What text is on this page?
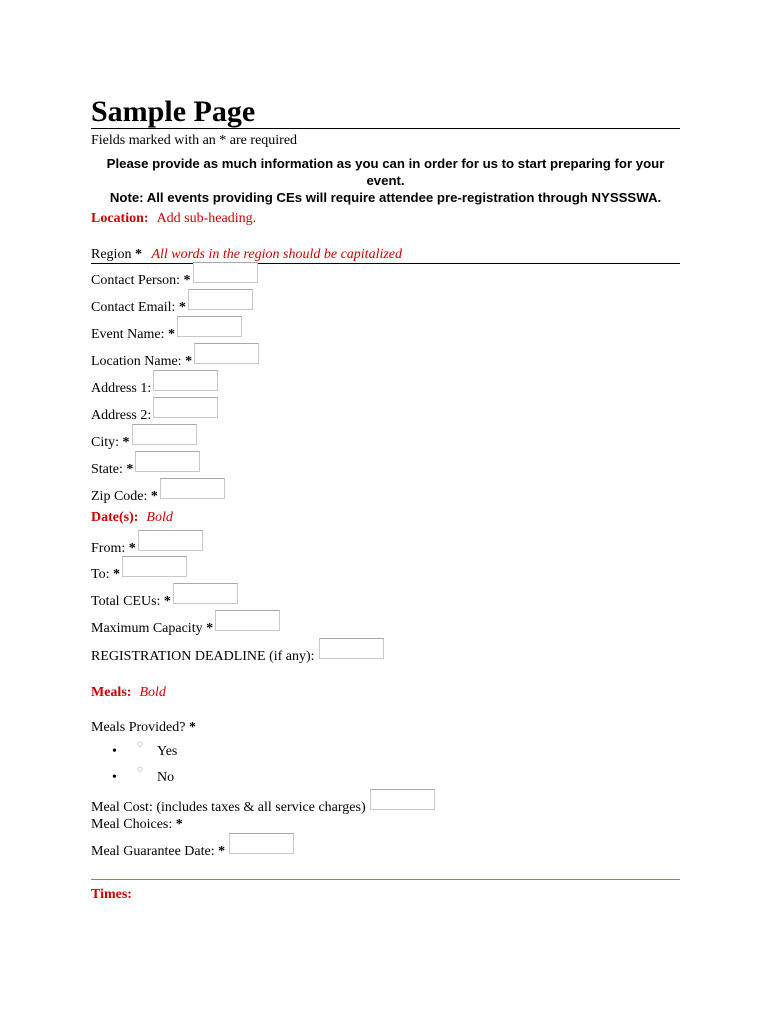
Sample Page
Fields marked with an * are required
Please provide as much information as you can in order for us to start preparing for your
event.
Note: All events providing CEs will require attendee pre-registration through NYSSSWA.
Location: Add sub-heading.
Region * All words in the region should be capitalized
Contact Person: *
Contact Email: *
Event Name: *
Location Name: *
Address 1:
Address 2:
City: *
State: *
Zip Code: *
Date(s): Bold
From: *
To: *
Total CEUs: *
Maximum Capacity *
REGISTRATION DEADLINE (if any):
Meals: Bold
Meals Provided? *
• ◌ Yes
•
◌
No
Meal Cost: (includes taxes & all service charges)
Meal Choices: *
Meal Guarantee Date: *
Times:
